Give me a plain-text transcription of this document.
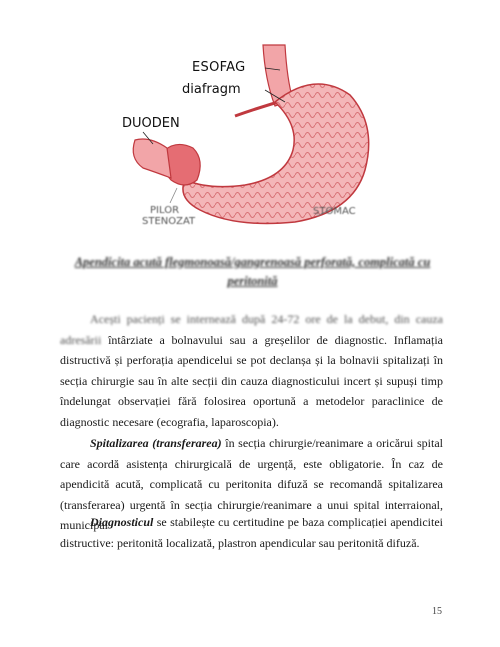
ESOFAG
diafragm
DUODEN
PILOR
STENOZAT
STOMAC
Apendicita acută flegmonoasă/gangrenoasă perforată, complicată cu peritonită
Acești pacienți se internează după 24-72 ore de la debut, din cauza adresării întârziate a bolnavului sau a greșelilor de diagnostic. Inflamația distructivă și perforația apendicelui se pot declanșa și la bolnavii spitalizați în secția chirurgie sau în alte secții din cauza diagnosticului incert și supuși timp îndelungat observației fără folosirea oportună a metodelor paraclinice de diagnostic necesare (ecografia, laparoscopia).
Spitalizarea (transferarea) în secția chirurgie/reanimare a oricărui spital care acordă asistența chirurgicală de urgență, este obligatorie. În caz de apendicită acută, complicată cu peritonita difuză se recomandă spitalizarea (transferarea) urgentă în secția chirurgie/reanimare a unui spital interraional, municipal
Diagnosticul se stabilește cu certitudine pe baza complicației apendicitei distructive: peritonită localizată, plastron apendicular sau peritonită difuză.
15
